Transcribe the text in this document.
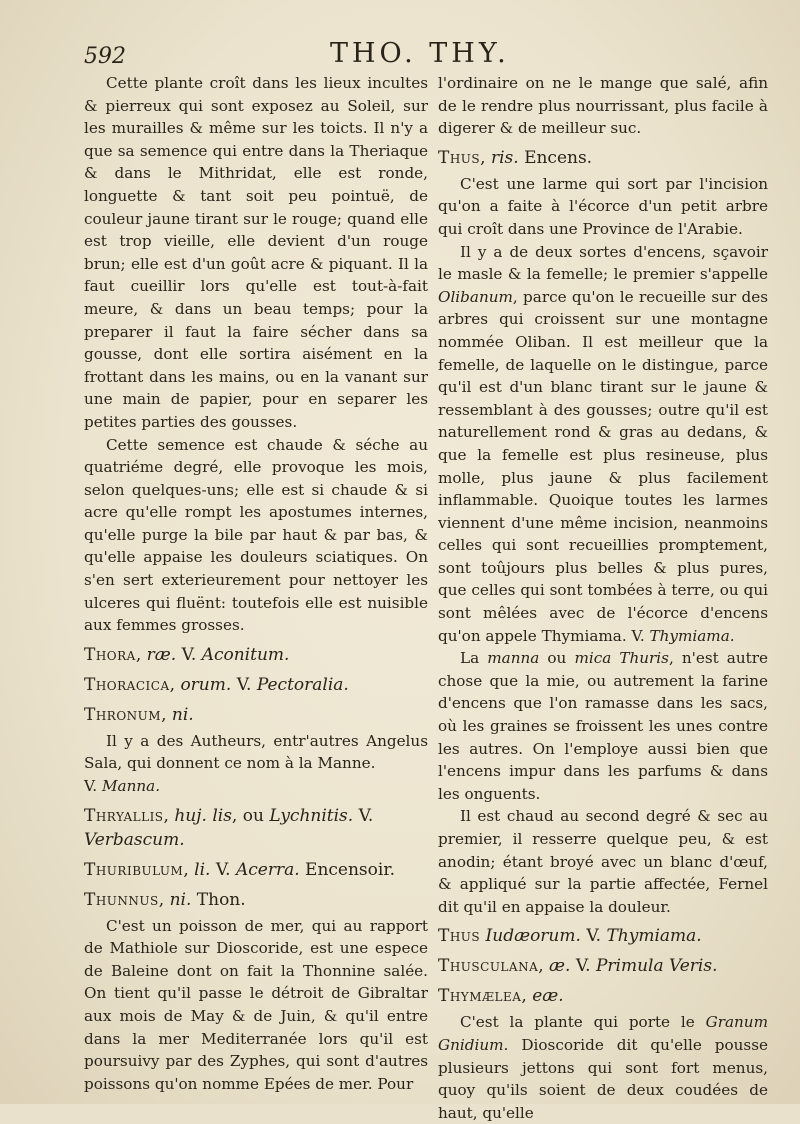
592	THO. THY.

Cette plante croît dans les lieux incultes & pierreux qui sont exposez au Soleil, sur les murailles & même sur les toicts. Il n'y a que sa semence qui entre dans la Theriaque & dans le Mithridat, elle est ronde, longuette & tant soit peu pointuë, de couleur jaune tirant sur le rouge; quand elle est trop vieille, elle devient d'un rouge brun; elle est d'un goût acre & piquant. Il la faut cueillir lors qu'elle est tout-à-fait meure, & dans un beau temps; pour la preparer il faut la faire sécher dans sa gousse, dont elle sortira aisément en la frottant dans les mains, ou en la vanant sur une main de papier, pour en separer les petites parties des gousses.

Cette semence est chaude & séche au quatriéme degré, elle provoque les mois, selon quelques-uns; elle est si chaude & si acre qu'elle rompt les apostumes internes, qu'elle purge la bile par haut & par bas, & qu'elle appaise les douleurs sciatiques. On s'en sert exterieurement pour nettoyer les ulceres qui fluënt: toutefois elle est nuisible aux femmes grosses.

Thora, ræ. V. Aconitum.
Thoracica, orum. V. Pectoralia.
Thronum, ni.

Il y a des Autheurs, entr'autres Angelus Sala, qui donnent ce nom à la Manne.

V. Manna.

Thryallis, huj. lis, ou Lychnitis. V. Verbascum.
Thuribulum, li. V. Acerra. Encensoir.
Thunnus, ni. Thon.

C'est un poisson de mer, qui au rapport de Mathiole sur Dioscoride, est une espece de Baleine dont on fait la Thonnine salée. On tient qu'il passe le détroit de Gibraltar aux mois de May & de Juin, & qu'il entre dans la mer Mediterranée lors qu'il est poursuivy par des Zyphes, qui sont d'autres poissons qu'on nomme Epées de mer. Pour

l'ordinaire on ne le mange que salé, afin de le rendre plus nourrissant, plus facile à digerer & de meilleur suc.

Thus, ris. Encens.

C'est une larme qui sort par l'incision qu'on a faite à l'écorce d'un petit arbre qui croît dans une Province de l'Arabie.

Il y a de deux sortes d'encens, sçavoir le masle & la femelle; le premier s'appelle Olibanum, parce qu'on le recueille sur des arbres qui croissent sur une montagne nommée Oliban. Il est meilleur que la femelle, de laquelle on le distingue, parce qu'il est d'un blanc tirant sur le jaune & ressemblant à des gousses; outre qu'il est naturellement rond & gras au dedans, & que la femelle est plus resineuse, plus molle, plus jaune & plus facilement inflammable. Quoique toutes les larmes viennent d'une même incision, neanmoins celles qui sont recueillies promptement, sont toûjours plus belles & plus pures, que celles qui sont tombées à terre, ou qui sont mêlées avec de l'écorce d'encens qu'on appele Thymiama. V. Thymiama.

La manna ou mica Thuris, n'est autre chose que la mie, ou autrement la farine d'encens que l'on ramasse dans les sacs, où les graines se froissent les unes contre les autres. On l'employe aussi bien que l'encens impur dans les parfums & dans les onguents.

Il est chaud au second degré & sec au premier, il resserre quelque peu, & est anodin; étant broyé avec un blanc d'œuf, & appliqué sur la partie affectée, Fernel dit qu'il en appaise la douleur.

Thus Iudæorum. V. Thymiama.
Thusculana, æ. V. Primula Veris.
Thymælea, eæ.

C'est la plante qui porte le Granum Gnidium. Dioscoride dit qu'elle pousse plusieurs jettons qui sont fort menus, quoy qu'ils soient de deux coudées de haut, qu'elle
